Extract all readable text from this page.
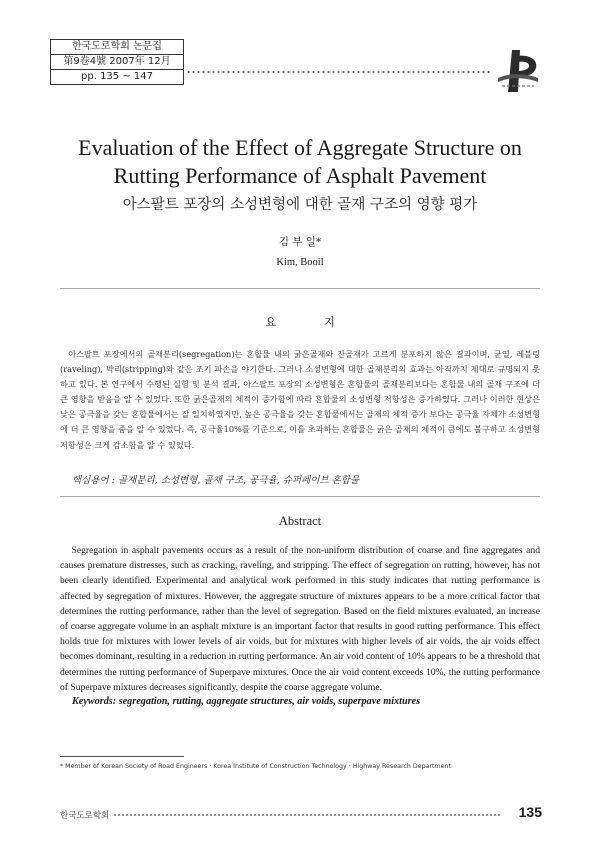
한국도로학회 논문집
第9卷4號 2007年 12月
pp. 135 ~ 147
Evaluation of the Effect of Aggregate Structure on
Rutting Performance of Asphalt Pavement
아스팔트 포장의 소성변형에 대한 골재 구조의 영향 평가
김 부 일*
Kim, Booil
요 지
아스팔트 포장에서의 골재분리(segregation)는 혼합물 내의 굵은골재와 잔골재가 고르게 분포하지 않은 결과이며, 균열, 레블링(raveling), 박리(stripping)와 같은 조기 파손을 야기한다. 그러나 소성변형에 대한 골재분리의 효과는 아직까지 제대로 규명되지 못하고 있다. 본 연구에서 수행된 실험 및 분석 결과, 아스팔트 포장의 소성변형은 혼합물의 골재분리보다는 혼합물 내의 골재 구조에 더 큰 영향을 받음을 알 수 있었다. 또한 굵은골재의 체적이 증가함에 따라 혼합물의 소성변형 저항성은 증가하였다. 그러나 이러한 현상은 낮은 공극율을 갖는 혼합물에서는 잘 일치하였지만, 높은 공극율을 갖는 혼합물에서는 골재의 체적 증가 보다는 공극율 자체가 소성변형에 더 큰 영향을 줌을 알 수 있었다. 즉, 공극율10%를 기준으로, 이를 초과하는 혼합물은 굵은 골재의 체적이 큼에도 불구하고 소성변형 저항성은 크게 감소함을 알 수 있었다.
핵심용어 : 골재분리, 소성변형, 골재 구조, 공극율, 슈퍼페이브 혼합물
Abstract
Segregation in asphalt pavements occurs as a result of the non-uniform distribution of coarse and fine aggregates and causes premature distresses, such as cracking, raveling, and stripping. The effect of segregation on rutting, however, has not been clearly identified. Experimental and analytical work performed in this study indicates that rutting performance is affected by segregation of mixtures. However, the aggregate structure of mixtures appears to be a more critical factor that determines the rutting performance, rather than the level of segregation. Based on the field mixtures evaluated, an increase of coarse aggregate volume in an asphalt mixture is an important factor that results in good rutting performance. This effect holds true for mixtures with lower levels of air voids, but for mixtures with higher levels of air voids, the air voids effect becomes dominant, resulting in a reduction in rutting performance. An air void content of 10% appears to be a threshold that determines the rutting performance of Superpave mixtures. Once the air void content exceeds 10%, the rutting performance of Superpave mixtures decreases significantly, despite the coarse aggregate volume.
Keywords: segregation, rutting, aggregate structures, air voids, superpave mixtures
* Member of Korean Society of Road Engineers · Korea Institute of Construction Technology · Highway Research Department
한국도로학회	135
